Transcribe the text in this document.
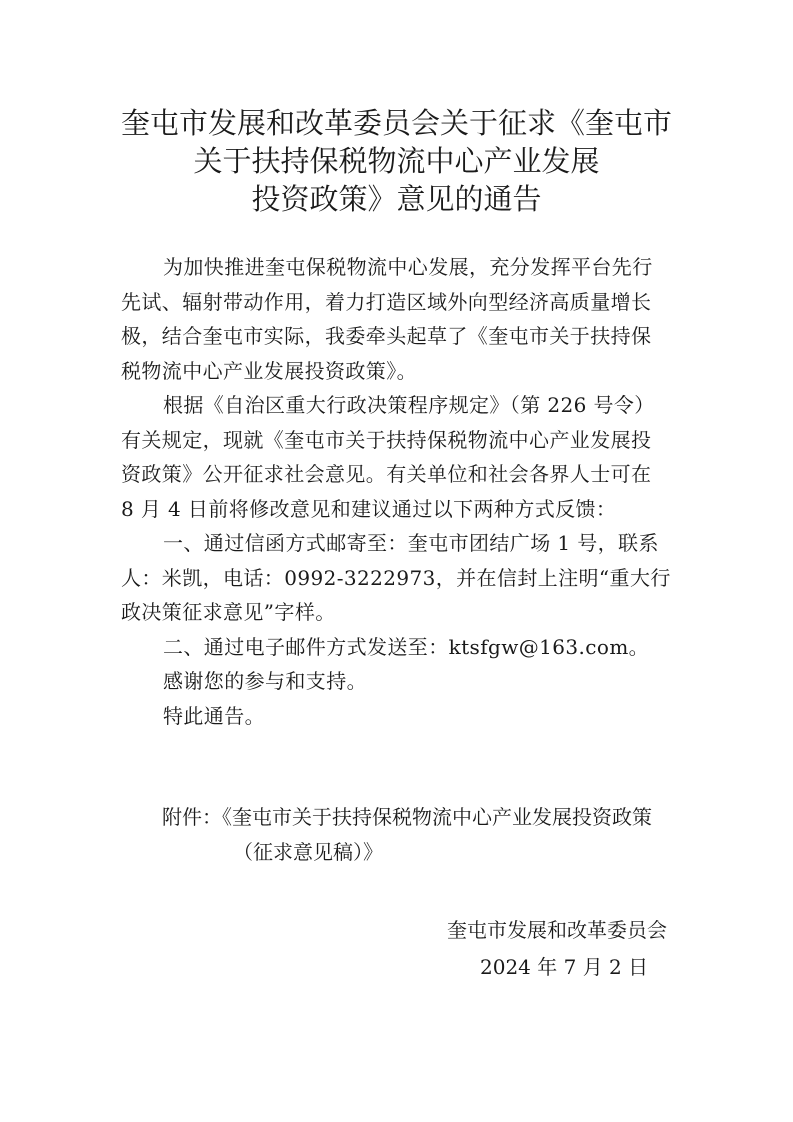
奎屯市发展和改革委员会关于征求《奎屯市
关于扶持保税物流中心产业发展
投资政策》意见的通告
为加快推进奎屯保税物流中心发展，充分发挥平台先行
先试、辐射带动作用，着力打造区域外向型经济高质量增长
极，结合奎屯市实际，我委牵头起草了《奎屯市关于扶持保
税物流中心产业发展投资政策》。
根据《自治区重大行政决策程序规定》（第 226 号令）
有关规定，现就《奎屯市关于扶持保税物流中心产业发展投
资政策》公开征求社会意见。有关单位和社会各界人士可在
8 月 4 日前将修改意见和建议通过以下两种方式反馈：
一、通过信函方式邮寄至：奎屯市团结广场 1 号，联系
人：米凯，电话：0992-3222973，并在信封上注明“重大行
政决策征求意见”字样。
二、通过电子邮件方式发送至：ktsfgw@163.com。
感谢您的参与和支持。
特此通告。
附件：《奎屯市关于扶持保税物流中心产业发展投资政策
（征求意见稿）》
奎屯市发展和改革委员会
2024 年 7 月 2 日
